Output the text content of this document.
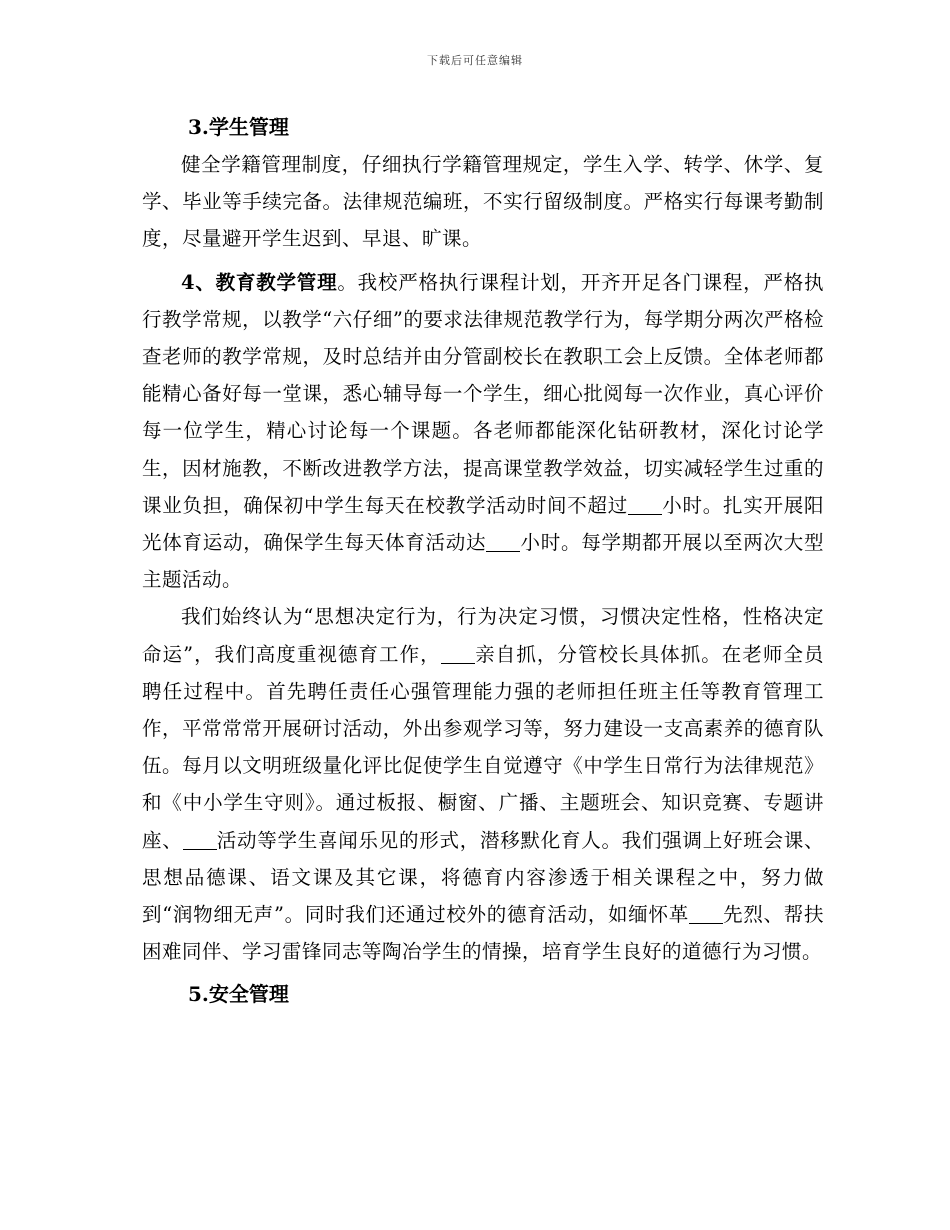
下载后可任意编辑

3.学生管理

健全学籍管理制度，仔细执行学籍管理规定，学生入学、转学、休学、复学、毕业等手续完备。法律规范编班，不实行留级制度。严格实行每课考勤制度，尽量避开学生迟到、早退、旷课。

4、教育教学管理。我校严格执行课程计划，开齐开足各门课程，严格执行教学常规，以教学“六仔细”的要求法律规范教学行为，每学期分两次严格检查老师的教学常规，及时总结并由分管副校长在教职工会上反馈。全体老师都能精心备好每一堂课，悉心辅导每一个学生，细心批阅每一次作业，真心评价每一位学生，精心讨论每一个课题。各老师都能深化钻研教材，深化讨论学生，因材施教，不断改进教学方法，提高课堂教学效益，切实减轻学生过重的课业负担，确保初中学生每天在校教学活动时间不超过 小时。扎实开展阳光体育运动，确保学生每天体育活动达 小时。每学期都开展以至两次大型主题活动。

我们始终认为“思想决定行为，行为决定习惯，习惯决定性格，性格决定命运”，我们高度重视德育工作， 亲自抓，分管校长具体抓。在老师全员聘任过程中。首先聘任责任心强管理能力强的老师担任班主任等教育管理工作，平常常常开展研讨活动，外出参观学习等，努力建设一支高素养的德育队伍。每月以文明班级量化评比促使学生自觉遵守《中学生日常行为法律规范》和《中小学生守则》。通过板报、橱窗、广播、主题班会、知识竞赛、专题讲座、 活动等学生喜闻乐见的形式，潜移默化育人。我们强调上好班会课、思想品德课、语文课及其它课，将德育内容渗透于相关课程之中，努力做到“润物细无声”。同时我们还通过校外的德育活动，如缅怀革 先烈、帮扶困难同伴、学习雷锋同志等陶冶学生的情操，培育学生良好的道德行为习惯。

5.安全管理
